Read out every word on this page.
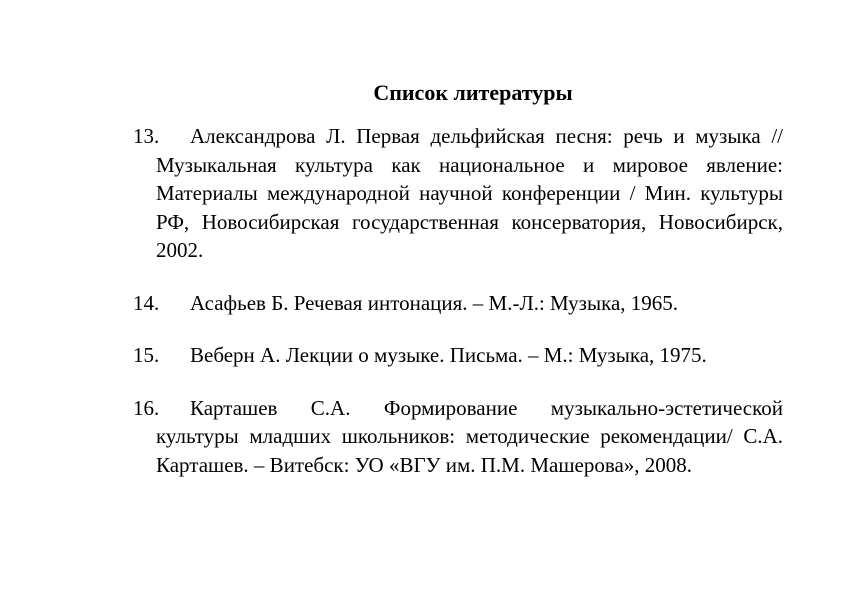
Список литературы
13.	Александрова Л. Первая дельфийская песня: речь и музыка // Музыкальная культура как национальное и мировое явление: Материалы международной научной конференции / Мин. культуры РФ, Новосибирская государственная консерватория, Новосибирск, 2002.
14.	Асафьев Б. Речевая интонация. – М.-Л.: Музыка, 1965.
15.	Веберн А. Лекции о музыке. Письма. – М.: Музыка, 1975.
16.	Карташев С.А. Формирование музыкально-эстетической культуры младших школьников: методические рекомендации/ С.А. Карташев. – Витебск: УО «ВГУ им. П.М. Машерова», 2008.
